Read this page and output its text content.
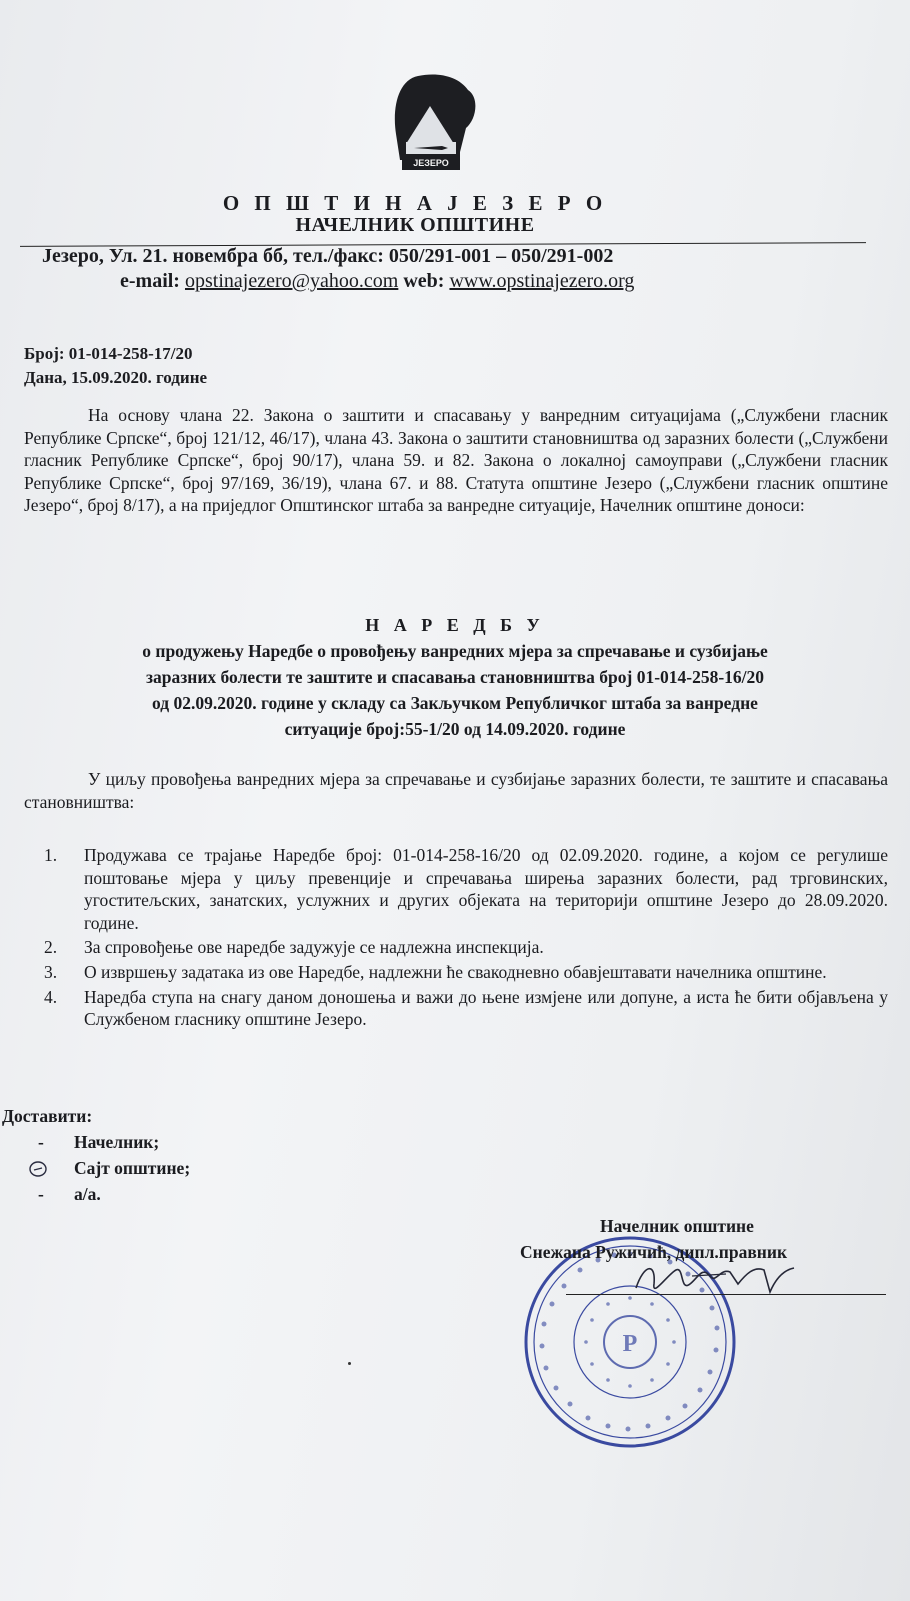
ЈЕЗЕРО
О П Ш Т И Н А Ј Е З Е Р О
НАЧЕЛНИК ОПШТИНЕ
Језеро, Ул. 21. новембра бб, тел./факс: 050/291-001 – 050/291-002
e-mail: opstinajezero@yahoo.com web: www.opstinajezero.org
Број: 01-014-258-17/20
Дана, 15.09.2020. године
На основу члана 22. Закона о заштити и спасавању у ванредним ситуацијама („Службени гласник Републике Српске“, број 121/12, 46/17), члана 43. Закона о заштити становништва од заразних болести („Службени гласник Републике Српске“, број 90/17), члана 59. и 82. Закона о локалној самоуправи („Службени гласник Републике Српске“, број 97/169, 36/19), члана 67. и 88. Статута општине Језеро („Службени гласник општине Језеро“, број 8/17), а на приједлог Општинског штаба за ванредне ситуације, Начелник општине доноси:
Н А Р Е Д Б У
о продужењу Наредбе о провођењу ванредних мјера за спречавање и сузбијање
заразних болести те заштите и спасавања становништва број 01-014-258-16/20
од 02.09.2020. године у складу са Закључком Републичког штаба за ванредне
ситуације број:55-1/20 од 14.09.2020. године
У циљу провођења ванредних мјера за спречавање и сузбијање заразних болести, те заштите и спасавања становништва:
1. Продужава се трајање Наредбе број: 01-014-258-16/20 од 02.09.2020. године, а којом се регулише поштовање мјера у циљу превенције и спречавања ширења заразних болести, рад трговинских, угоститељских, занатских, услужних и других објеката на територији општине Језеро до 28.09.2020. године.
2. За спровођење ове наредбе задужује се надлежна инспекција.
3. О извршењу задатака из ове Наредбе, надлежни ће свакодневно обавјештавати начелника општине.
4. Наредба ступа на снагу даном доношења и важи до њене измјене или допуне, а иста ће бити објављена у Службеном гласнику општине Језеро.
Доставити:
- Начелник;
Сајт општине;
- а/а.
Р
Начелник општине
Снежана Ружичић, дипл.правник
